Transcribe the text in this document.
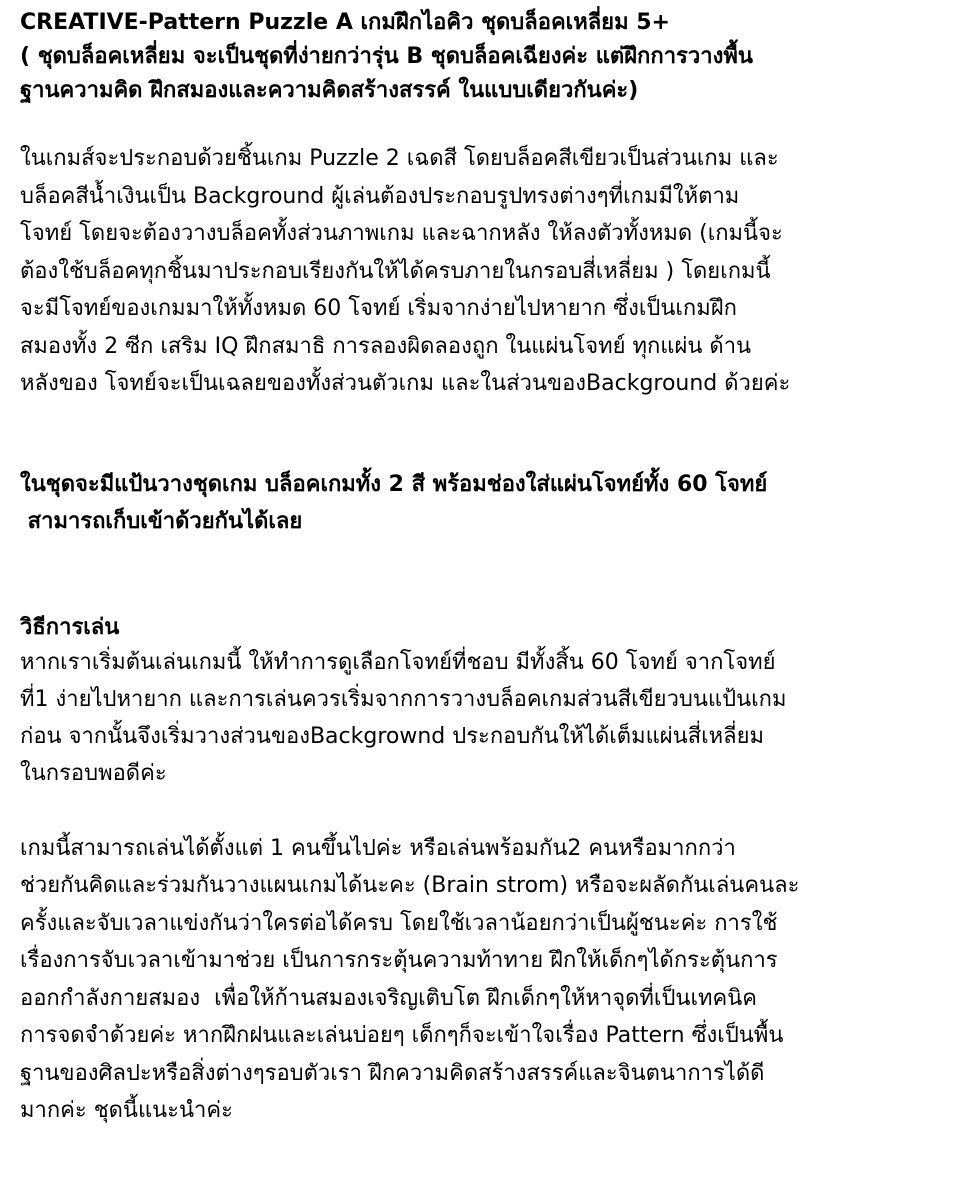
CREATIVE-Pattern Puzzle A เกมฝึกไอคิว ชุดบล็อคเหลี่ยม 5+
( ชุดบล็อคเหลี่ยม จะเป็นชุดที่ง่ายกว่ารุ่น B ชุดบล็อคเฉียงค่ะ แต่ฝึกการวางพื้น
ฐานความคิด ฝึกสมองและความคิดสร้างสรรค์ ในแบบเดียวกันค่ะ)
ในเกมส์จะประกอบด้วยชิ้นเกม Puzzle 2 เฉดสี โดยบล็อคสีเขียวเป็นส่วนเกม และ
บล็อคสีน้ำเงินเป็น Background ผู้เล่นต้องประกอบรูปทรงต่างๆที่เกมมีให้ตาม
โจทย์ โดยจะต้องวางบล็อคทั้งส่วนภาพเกม และฉากหลัง ให้ลงตัวทั้งหมด (เกมนี้จะ
ต้องใช้บล็อคทุกชิ้นมาประกอบเรียงกันให้ได้ครบภายในกรอบสี่เหลี่ยม ) โดยเกมนี้
จะมีโจทย์ของเกมมาให้ทั้งหมด 60 โจทย์ เริ่มจากง่ายไปหายาก ซึ่งเป็นเกมฝึก
สมองทั้ง 2 ซีก เสริม IQ ฝึกสมาธิ การลองผิดลองถูก ในแผ่นโจทย์ ทุกแผ่น ด้าน
หลังของ โจทย์จะเป็นเฉลยของทั้งส่วนตัวเกม และในส่วนของBackground ด้วยค่ะ
ในชุดจะมีแป้นวางชุดเกม บล็อคเกมทั้ง 2 สี พร้อมช่องใส่แผ่นโจทย์ทั้ง 60 โจทย์
สามารถเก็บเข้าด้วยกันได้เลย
วิธีการเล่น
หากเราเริ่มต้นเล่นเกมนี้ ให้ทำการดูเลือกโจทย์ที่ชอบ มีทั้งสิ้น 60 โจทย์ จากโจทย์
ที่1 ง่ายไปหายาก และการเล่นควรเริ่มจากการวางบล็อคเกมส่วนสีเขียวบนแป้นเกม
ก่อน จากนั้นจึงเริ่มวางส่วนของBackgrownd ประกอบกันให้ได้เต็มแผ่นสี่เหลี่ยม
ในกรอบพอดีค่ะ
เกมนี้สามารถเล่นได้ตั้งแต่ 1 คนขึ้นไปค่ะ หรือเล่นพร้อมกัน2 คนหรือมากกว่า
ช่วยกันคิดและร่วมกันวางแผนเกมได้นะคะ (Brain strom) หรือจะผลัดกันเล่นคนละ
ครั้งและจับเวลาแข่งกันว่าใครต่อได้ครบ โดยใช้เวลาน้อยกว่าเป็นผู้ชนะค่ะ การใช้
เรื่องการจับเวลาเข้ามาช่วย เป็นการกระตุ้นความท้าทาย ฝึกให้เด็กๆได้กระตุ้นการ
ออกกำลังกายสมอง  เพื่อให้ก้านสมองเจริญเติบโต ฝึกเด็กๆให้หาจุดที่เป็นเทคนิค
การจดจำด้วยค่ะ หากฝึกฝนและเล่นบ่อยๆ เด็กๆก็จะเข้าใจเรื่อง Pattern ซึ่งเป็นพื้น
ฐานของศิลปะหรือสิ่งต่างๆรอบตัวเรา ฝึกความคิดสร้างสรรค์และจินตนาการได้ดี
มากค่ะ ชุดนี้แนะนำค่ะ
